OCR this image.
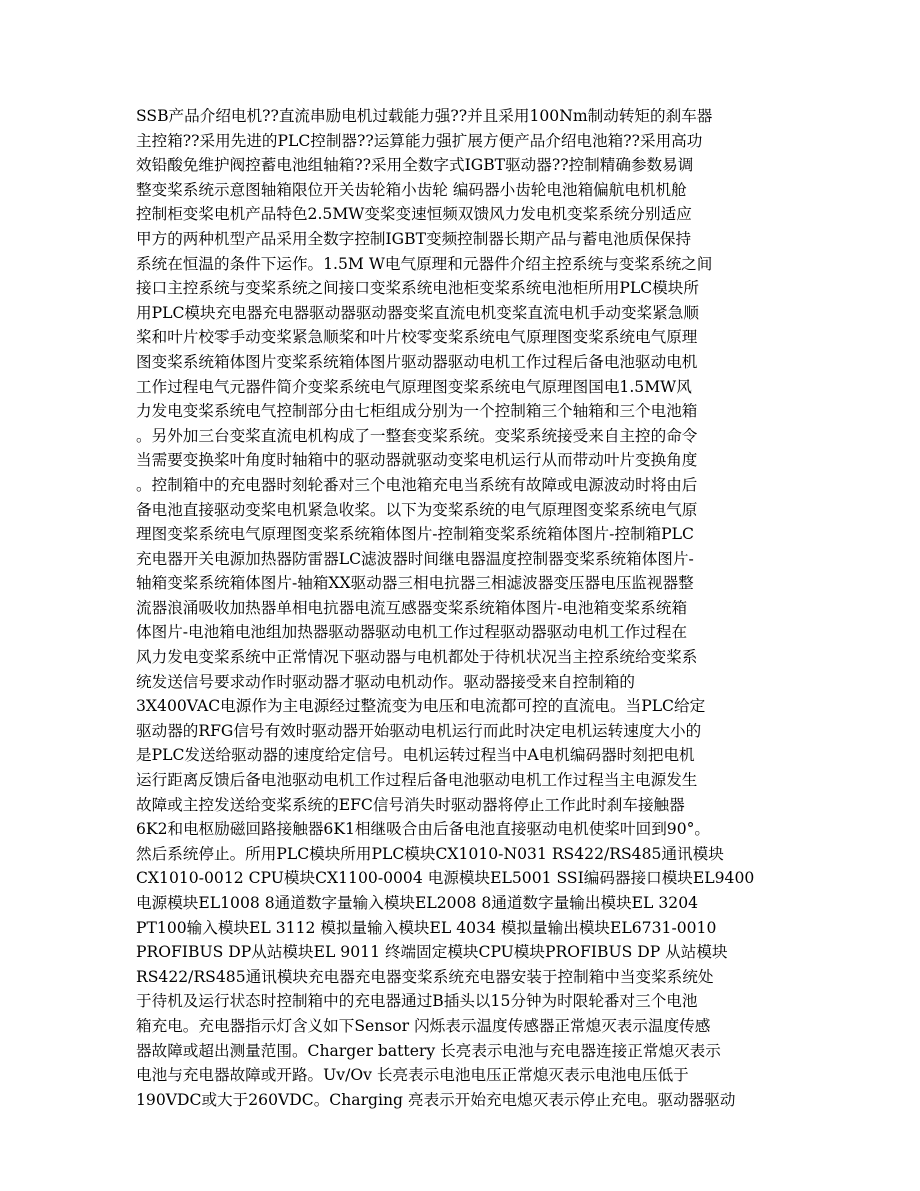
SSB产品介绍电机??直流串励电机过载能力强??并且采用100Nm制动转矩的刹车器
主控箱??采用先进的PLC控制器??运算能力强扩展方便产品介绍电池箱??采用高功
效铅酸免维护阀控蓄电池组轴箱??采用全数字式IGBT驱动器??控制精确参数易调
整变桨系统示意图轴箱限位开关齿轮箱小齿轮 编码器小齿轮电池箱偏航电机机舱
控制柜变桨电机产品特色2.5MW变桨变速恒频双馈风力发电机变桨系统分别适应
甲方的两种机型产品采用全数字控制IGBT变频控制器长期产品与蓄电池质保保持
系统在恒温的条件下运作。1.5M W电气原理和元器件介绍主控系统与变桨系统之间
接口主控系统与变桨系统之间接口变桨系统电池柜变桨系统电池柜所用PLC模块所
用PLC模块充电器充电器驱动器驱动器变桨直流电机变桨直流电机手动变桨紧急顺
桨和叶片校零手动变桨紧急顺桨和叶片校零变桨系统电气原理图变桨系统电气原理
图变桨系统箱体图片变桨系统箱体图片驱动器驱动电机工作过程后备电池驱动电机
工作过程电气元器件简介变桨系统电气原理图变桨系统电气原理图国电1.5MW风
力发电变桨系统电气控制部分由七柜组成分别为一个控制箱三个轴箱和三个电池箱
。另外加三台变桨直流电机构成了一整套变桨系统。变桨系统接受来自主控的命令
当需要变换桨叶角度时轴箱中的驱动器就驱动变桨电机运行从而带动叶片变换角度
。控制箱中的充电器时刻轮番对三个电池箱充电当系统有故障或电源波动时将由后
备电池直接驱动变桨电机紧急收桨。以下为变桨系统的电气原理图变桨系统电气原
理图变桨系统电气原理图变桨系统箱体图片-控制箱变桨系统箱体图片-控制箱PLC
充电器开关电源加热器防雷器LC滤波器时间继电器温度控制器变桨系统箱体图片-
轴箱变桨系统箱体图片-轴箱XX驱动器三相电抗器三相滤波器变压器电压监视器整
流器浪涌吸收加热器单相电抗器电流互感器变桨系统箱体图片-电池箱变桨系统箱
体图片-电池箱电池组加热器驱动器驱动电机工作过程驱动器驱动电机工作过程在
风力发电变桨系统中正常情况下驱动器与电机都处于待机状况当主控系统给变桨系
统发送信号要求动作时驱动器才驱动电机动作。驱动器接受来自控制箱的
3X400VAC电源作为主电源经过整流变为电压和电流都可控的直流电。当PLC给定
驱动器的RFG信号有效时驱动器开始驱动电机运行而此时决定电机运转速度大小的
是PLC发送给驱动器的速度给定信号。电机运转过程当中A电机编码器时刻把电机
运行距离反馈后备电池驱动电机工作过程后备电池驱动电机工作过程当主电源发生
故障或主控发送给变桨系统的EFC信号消失时驱动器将停止工作此时刹车接触器
6K2和电枢励磁回路接触器6K1相继吸合由后备电池直接驱动电机使桨叶回到90°。
然后系统停止。所用PLC模块所用PLC模块CX1010-N031 RS422/RS485通讯模块
CX1010-0012 CPU模块CX1100-0004 电源模块EL5001 SSI编码器接口模块EL9400
电源模块EL1008 8通道数字量输入模块EL2008 8通道数字量输出模块EL 3204
PT100输入模块EL 3112 模拟量输入模块EL 4034 模拟量输出模块EL6731-0010
PROFIBUS DP从站模块EL 9011 终端固定模块CPU模块PROFIBUS DP 从站模块
RS422/RS485通讯模块充电器充电器变桨系统充电器安装于控制箱中当变桨系统处
于待机及运行状态时控制箱中的充电器通过B插头以15分钟为时限轮番对三个电池
箱充电。充电器指示灯含义如下Sensor 闪烁表示温度传感器正常熄灭表示温度传感
器故障或超出测量范围。Charger battery 长亮表示电池与充电器连接正常熄灭表示
电池与充电器故障或开路。Uv/Ov 长亮表示电池电压正常熄灭表示电池电压低于
190VDC或大于260VDC。Charging 亮表示开始充电熄灭表示停止充电。驱动器驱动
